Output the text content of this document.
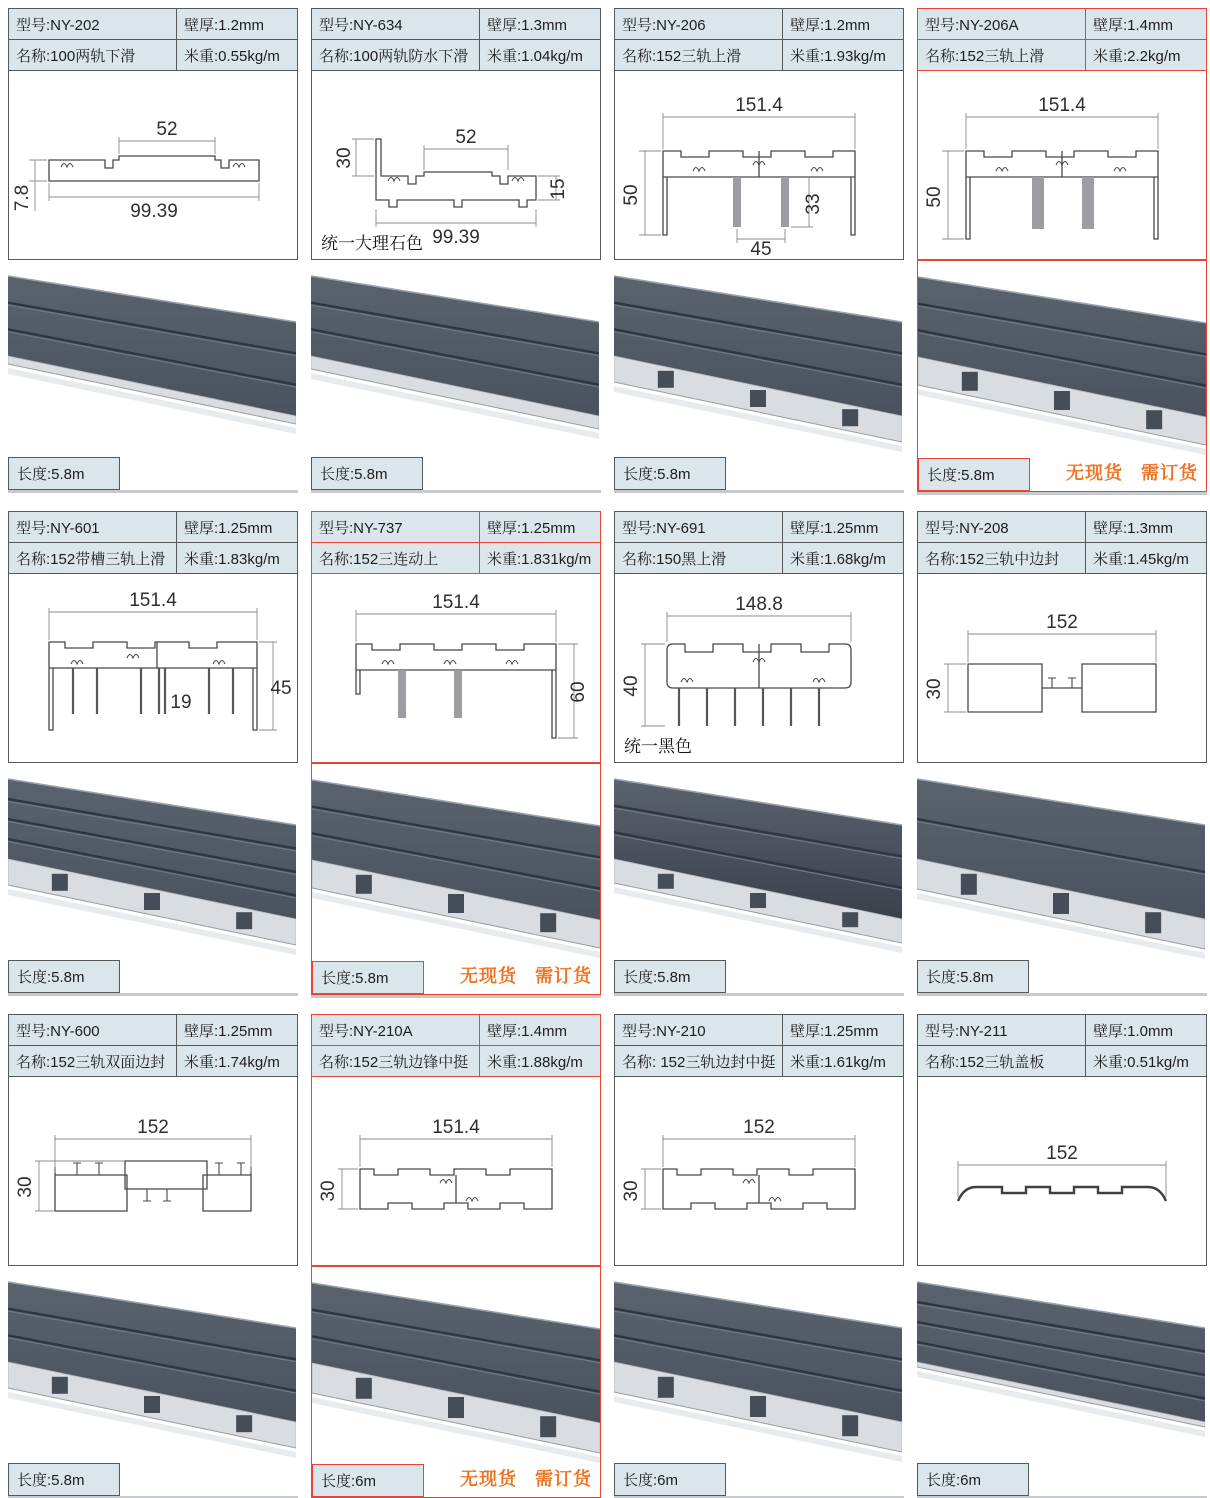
型号:NY-202	壁厚:1.2mm
名称:100两轨下滑	米重:0.55kg/m
52
99.39
7.8
长度:5.8m
型号:NY-634	壁厚:1.3mm
名称:100两轨防水下滑	米重:1.04kg/m
52
30
15
99.39
统一大理石色
长度:5.8m
型号:NY-206	壁厚:1.2mm
名称:152三轨上滑	米重:1.93kg/m
151.4
50	33
45
长度:5.8m
型号:NY-206A	壁厚:1.4mm
名称:152三轨上滑	米重:2.2kg/m
151.4
50
长度:5.8m	无现货 需订货
型号:NY-601	壁厚:1.25mm
名称:152带槽三轨上滑	米重:1.83kg/m
151.4
19
45
长度:5.8m
型号:NY-737	壁厚:1.25mm
名称:152三连动上	米重:1.831kg/m
151.4
60
长度:5.8m	无现货 需订货
型号:NY-691	壁厚:1.25mm
名称:150黑上滑	米重:1.68kg/m
148.8
40
统一黑色
长度:5.8m
型号:NY-208	壁厚:1.3mm
名称:152三轨中边封	米重:1.45kg/m
152
30
长度:5.8m
型号:NY-600	壁厚:1.25mm
名称:152三轨双面边封	米重:1.74kg/m
152
30
长度:5.8m
型号:NY-210A	壁厚:1.4mm
名称:152三轨边锋中挺	米重:1.88kg/m
151.4
30
长度:6m	无现货 需订货
型号:NY-210	壁厚:1.25mm
名称: 152三轨边封中挺 米重:1.61kg/m
152
30
长度:6m
型号:NY-211	壁厚:1.0mm
名称:152三轨盖板	米重:0.51kg/m
152
长度:6m
